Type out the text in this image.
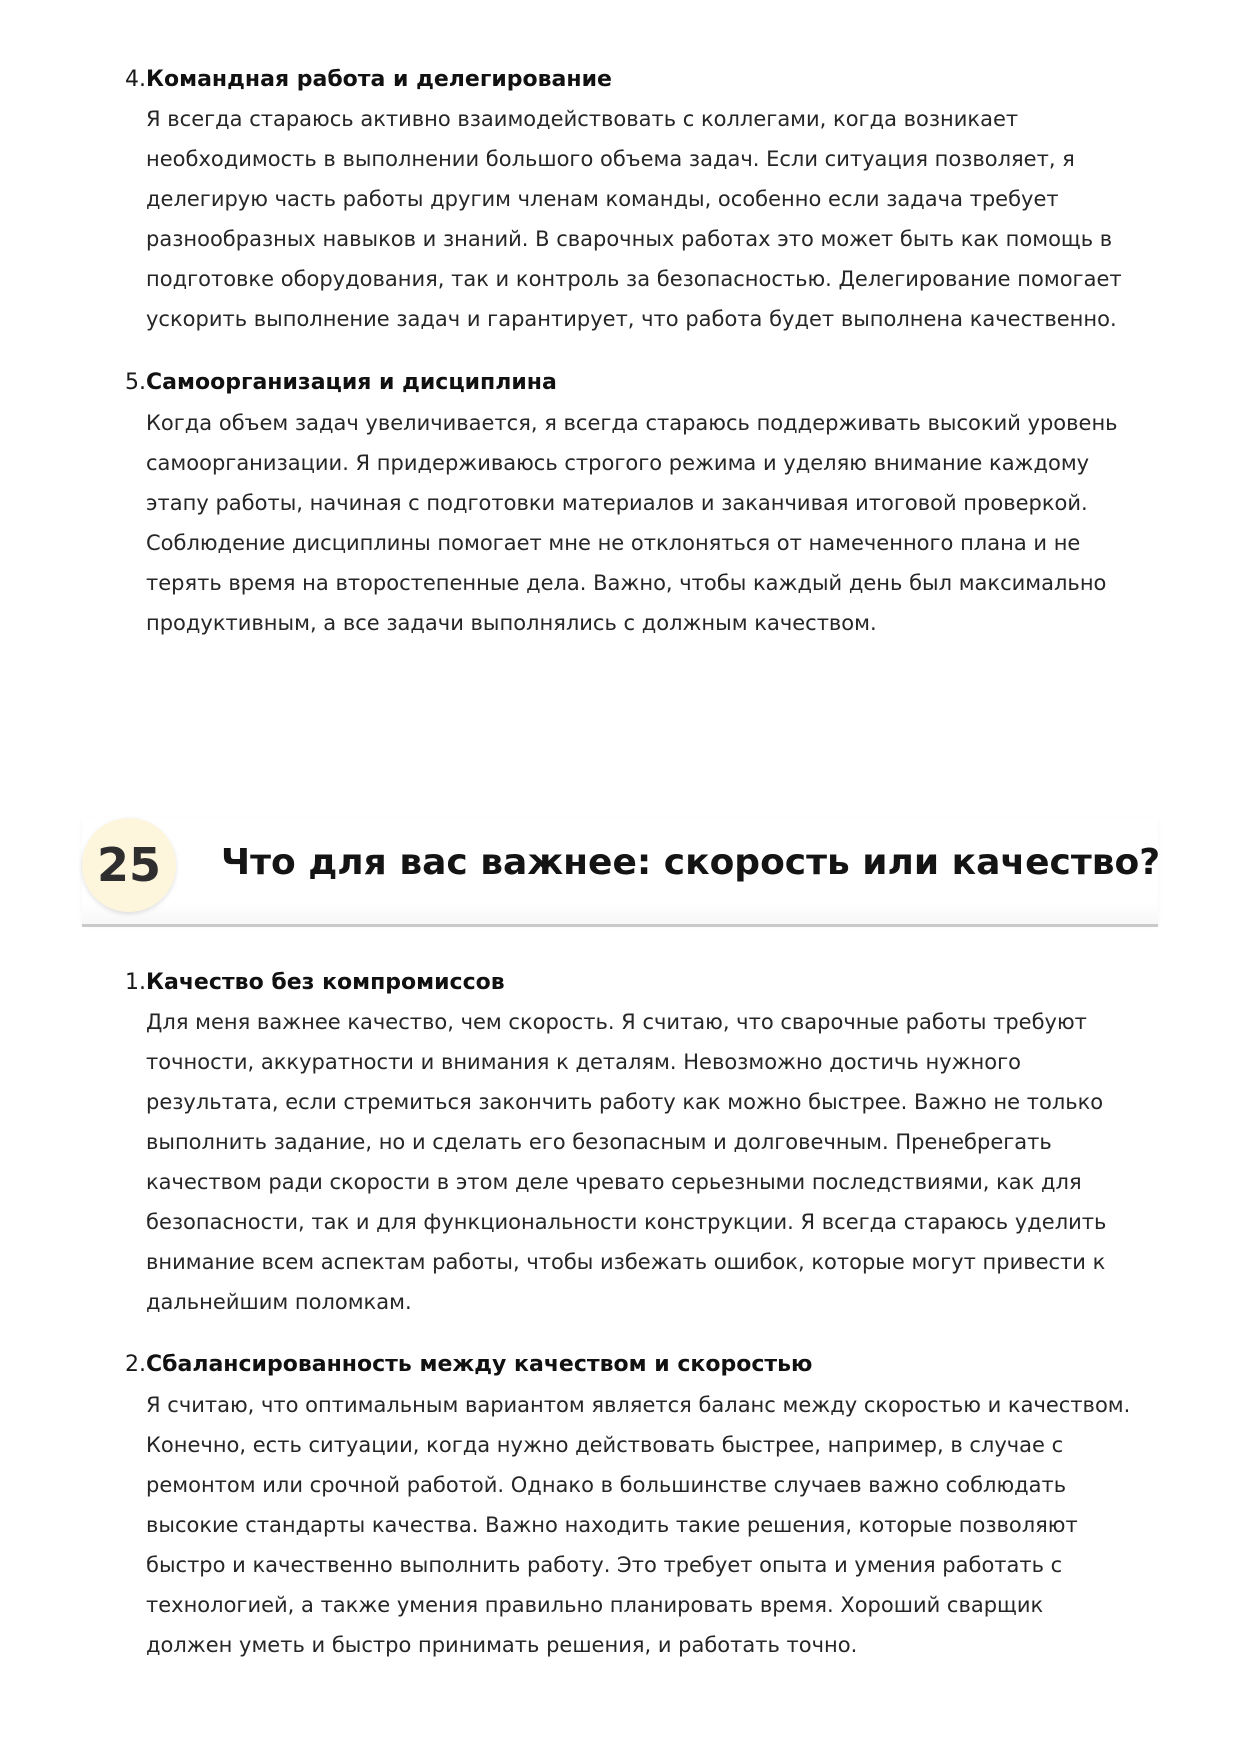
4. Командная работа и делегирование
Я всегда стараюсь активно взаимодействовать с коллегами, когда возникает
необходимость в выполнении большого объема задач. Если ситуация позволяет, я
делегирую часть работы другим членам команды, особенно если задача требует
разнообразных навыков и знаний. В сварочных работах это может быть как помощь в
подготовке оборудования, так и контроль за безопасностью. Делегирование помогает
ускорить выполнение задач и гарантирует, что работа будет выполнена качественно.
5. Самоорганизация и дисциплина
Когда объем задач увеличивается, я всегда стараюсь поддерживать высокий уровень
самоорганизации. Я придерживаюсь строгого режима и уделяю внимание каждому
этапу работы, начиная с подготовки материалов и заканчивая итоговой проверкой.
Соблюдение дисциплины помогает мне не отклоняться от намеченного плана и не
терять время на второстепенные дела. Важно, чтобы каждый день был максимально
продуктивным, а все задачи выполнялись с должным качеством.
25	Что для вас важнее: скорость или качество?
1. Качество без компромиссов
Для меня важнее качество, чем скорость. Я считаю, что сварочные работы требуют
точности, аккуратности и внимания к деталям. Невозможно достичь нужного
результата, если стремиться закончить работу как можно быстрее. Важно не только
выполнить задание, но и сделать его безопасным и долговечным. Пренебрегать
качеством ради скорости в этом деле чревато серьезными последствиями, как для
безопасности, так и для функциональности конструкции. Я всегда стараюсь уделить
внимание всем аспектам работы, чтобы избежать ошибок, которые могут привести к
дальнейшим поломкам.
2. Сбалансированность между качеством и скоростью
Я считаю, что оптимальным вариантом является баланс между скоростью и качеством.
Конечно, есть ситуации, когда нужно действовать быстрее, например, в случае с
ремонтом или срочной работой. Однако в большинстве случаев важно соблюдать
высокие стандарты качества. Важно находить такие решения, которые позволяют
быстро и качественно выполнить работу. Это требует опыта и умения работать с
технологией, а также умения правильно планировать время. Хороший сварщик
должен уметь и быстро принимать решения, и работать точно.
